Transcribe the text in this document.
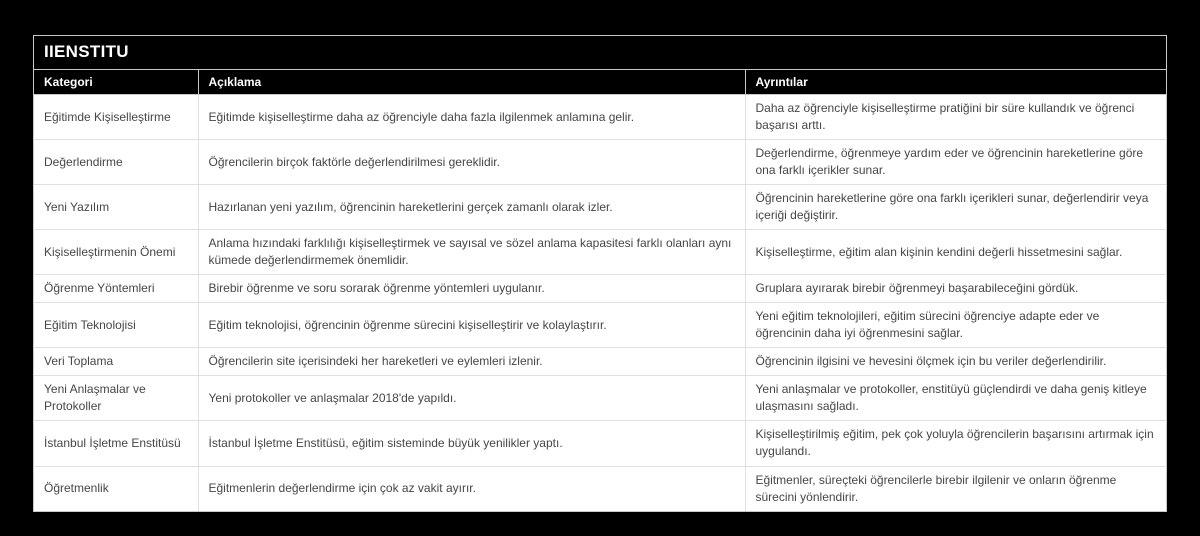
IIENSTITU
Kategori	Açıklama	Ayrıntılar
Eğitimde Kişiselleştirme	Eğitimde kişiselleştirme daha az öğrenciyle daha fazla ilgilenmek anlamına gelir.	Daha az öğrenciyle kişiselleştirme pratiğini bir süre kullandık ve öğrenci başarısı arttı.
Değerlendirme	Öğrencilerin birçok faktörle değerlendirilmesi gereklidir.	Değerlendirme, öğrenmeye yardım eder ve öğrencinin hareketlerine göre ona farklı içerikler sunar.
Yeni Yazılım	Hazırlanan yeni yazılım, öğrencinin hareketlerini gerçek zamanlı olarak izler.	Öğrencinin hareketlerine göre ona farklı içerikleri sunar, değerlendirir veya içeriği değiştirir.
Kişiselleştirmenin Önemi	Anlama hızındaki farklılığı kişiselleştirmek ve sayısal ve sözel anlama kapasitesi farklı olanları aynı kümede değerlendirmemek önemlidir.	Kişiselleştirme, eğitim alan kişinin kendini değerli hissetmesini sağlar.
Öğrenme Yöntemleri	Birebir öğrenme ve soru sorarak öğrenme yöntemleri uygulanır.	Gruplara ayırarak birebir öğrenmeyi başarabileceğini gördük.
Eğitim Teknolojisi	Eğitim teknolojisi, öğrencinin öğrenme sürecini kişiselleştirir ve kolaylaştırır.	Yeni eğitim teknolojileri, eğitim sürecini öğrenciye adapte eder ve öğrencinin daha iyi öğrenmesini sağlar.
Veri Toplama	Öğrencilerin site içerisindeki her hareketleri ve eylemleri izlenir.	Öğrencinin ilgisini ve hevesini ölçmek için bu veriler değerlendirilir.
Yeni Anlaşmalar ve Protokoller	Yeni protokoller ve anlaşmalar 2018'de yapıldı.	Yeni anlaşmalar ve protokoller, enstitüyü güçlendirdi ve daha geniş kitleye ulaşmasını sağladı.
İstanbul İşletme Enstitüsü	İstanbul İşletme Enstitüsü, eğitim sisteminde büyük yenilikler yaptı.	Kişiselleştirilmiş eğitim, pek çok yoluyla öğrencilerin başarısını artırmak için uygulandı.
Öğretmenlik	Eğitmenlerin değerlendirme için çok az vakit ayırır.	Eğitmenler, süreçteki öğrencilerle birebir ilgilenir ve onların öğrenme sürecini yönlendirir.
